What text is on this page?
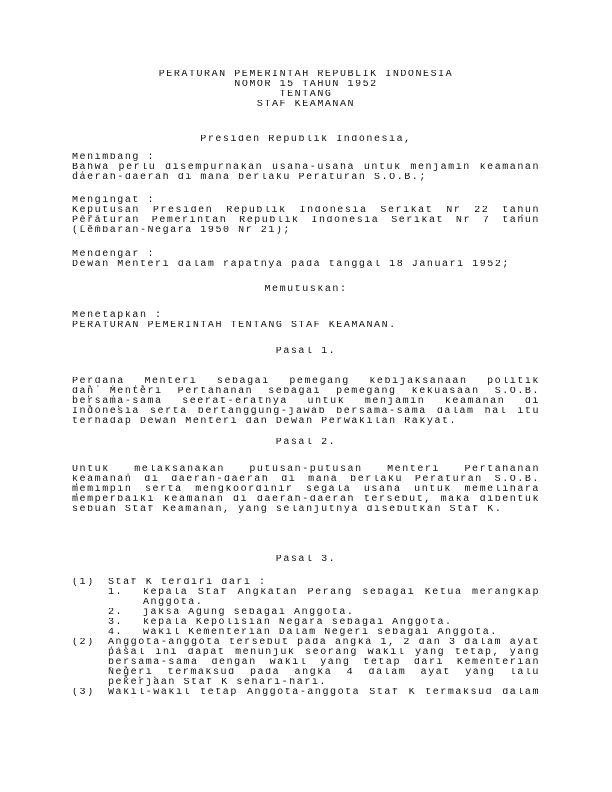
PERATURAN PEMERINTAH REPUBLIK INDONESIA
NOMOR 15 TAHUN 1952
TENTANG
STAF KEAMANAN
Presiden Republik Indonesia,
Menimbang :
Bahwa perlu disempurnakan usaha-usaha untuk menjamin keamanan
daerah-daerah di mana berlaku Peraturan S.O.B.;
Mengingat :
Keputusan Presiden Republik Indonesia Serikat Nr 22 tahun
Peraturan Pemerintah Republik Indonesia Serikat Nr 7 tahun
(Lembaran-Negara 1950 Nr 21);
Mendengar :
Dewan Menteri dalam rapatnya pada tanggal 18 Januari 1952;
Memutuskan:
Menetapkan :
PERATURAN PEMERINTAH TENTANG STAF KEAMANAN.
Pasal 1.
Perdana Menteri sebagai pemegang kebijaksanaan politik
dan Menteri Pertahanan sebagai pemegang kekuasaan S.O.B.
bersama-sama seerat-eratnya untuk menjamin keamanan di
Indonesia serta bertanggung-jawab bersama-sama dalam hal itu
terhadap Dewan Menteri dan Dewan Perwakilan Rakyat.
Pasal 2.
Untuk melaksanakan putusan-putusan Menteri Pertahanan
keamanan di daerah-daerah di mana berlaku Peraturan S.O.B.
memimpin serta mengkoordinir segala usaha untuk memelihara
memperbaiki keamanan di daerah-daerah tersebut, maka dibentuk
sebuah Staf Keamanan, yang selanjutnya disebutkan Staf K.
Pasal 3.
(1) Staf K terdiri dari :
1. kepala Staf Angkatan Perang sebagai Ketua merangkap
Anggota.
2. jaksa Agung sebagai Anggota.
3. kepala Kepolisian Negara sebagai Anggota.
4. wakil Kementerian Dalam Negeri sebagai Anggota.
(2) Anggota-anggota tersebut pada angka 1, 2 dan 3 dalam ayat
pasal ini dapat menunjuk seorang wakil yang tetap, yang
bersama-sama dengan wakil yang tetap dari Kementerian
Negeri termaksud pada angka 4 dalam ayat yang lalu
pekerjaan Staf K sehari-hari.
(3) Wakil-wakil tetap Anggota-anggota Staf K termaksud dalam
